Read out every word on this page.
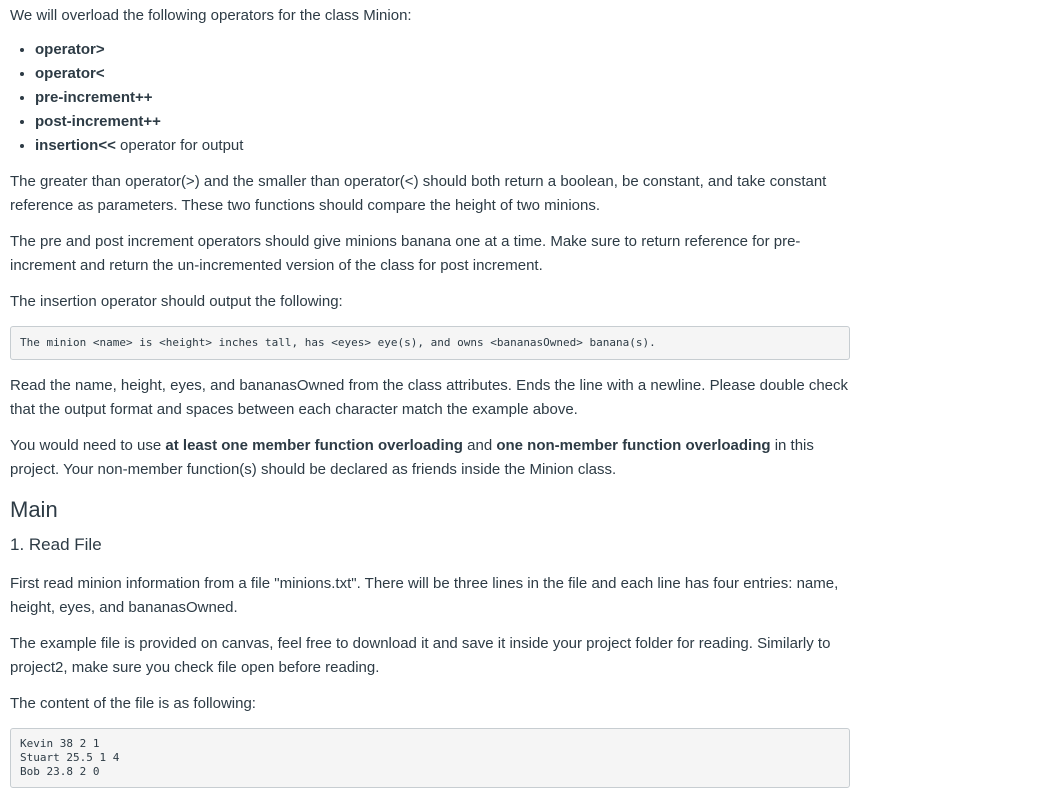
We will overload the following operators for the class Minion:

• operator>
• operator<
• pre-increment++
• post-increment++
• insertion<< operator for output

The greater than operator(>) and the smaller than operator(<) should both return a boolean, be constant, and take constant reference as parameters. These two functions should compare the height of two minions.

The pre and post increment operators should give minions banana one at a time. Make sure to return reference for pre-increment and return the un-incremented version of the class for post increment.

The insertion operator should output the following:

The minion <name> is <height> inches tall, has <eyes> eye(s), and owns <bananasOwned> banana(s).

Read the name, height, eyes, and bananasOwned from the class attributes. Ends the line with a newline. Please double check that the output format and spaces between each character match the example above.

You would need to use at least one member function overloading and one non-member function overloading in this project. Your non-member function(s) should be declared as friends inside the Minion class.

Main
1. Read File

First read minion information from a file "minions.txt". There will be three lines in the file and each line has four entries: name, height, eyes, and bananasOwned.

The example file is provided on canvas, feel free to download it and save it inside your project folder for reading. Similarly to project2, make sure you check file open before reading.

The content of the file is as following:

Kevin 38 2 1
Stuart 25.5 1 4
Bob 23.8 2 0
